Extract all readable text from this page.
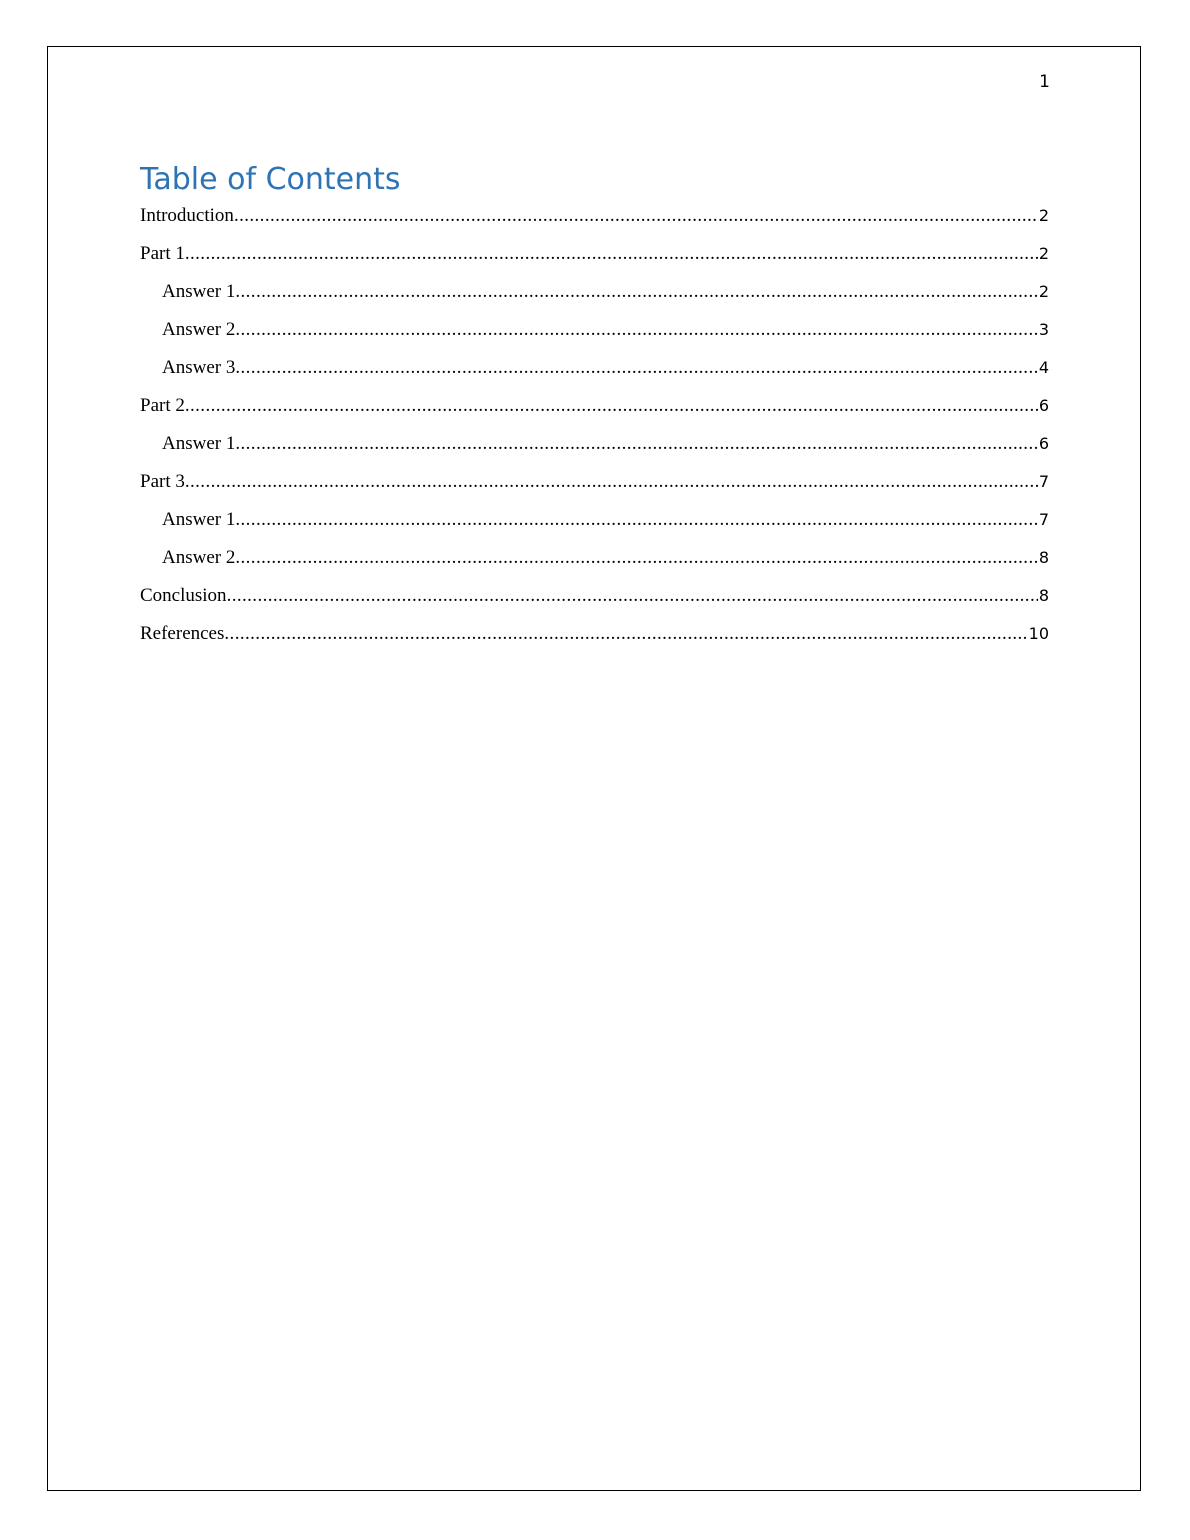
1
Table of Contents
Introduction .....	2
Part 1 .....	2
Answer 1 .....	2
Answer 2 .....	3
Answer 3 .....	4
Part 2 .....	6
Answer 1 .....	6
Part 3 .....	7
Answer 1 .....	7
Answer 2 .....	8
Conclusion .....	8
References .....	10
